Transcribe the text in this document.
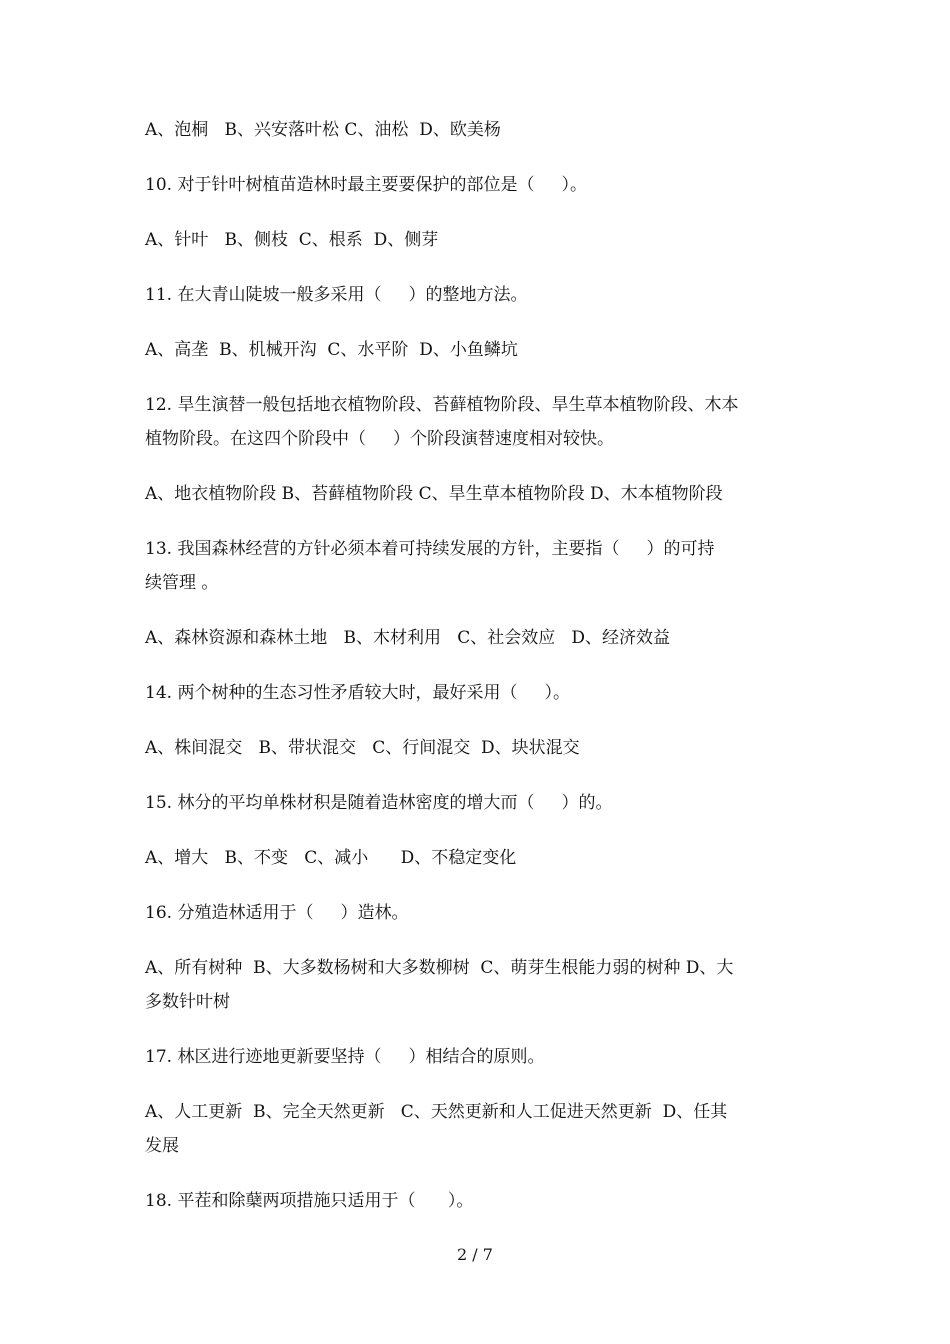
A、泡桐   B、兴安落叶松 C、油松  D、欧美杨
10. 对于针叶树植苗造林时最主要要保护的部位是（     ）。
A、针叶   B、侧枝  C、根系  D、侧芽
11. 在大青山陡坡一般多采用（     ）的整地方法。
A、高垄  B、机械开沟  C、水平阶  D、小鱼鳞坑
12. 旱生演替一般包括地衣植物阶段、苔藓植物阶段、旱生草本植物阶段、木本
植物阶段。在这四个阶段中（     ）个阶段演替速度相对较快。
A、地衣植物阶段 B、苔藓植物阶段 C、旱生草本植物阶段 D、木本植物阶段
13. 我国森林经营的方针必须本着可持续发展的方针，主要指（     ）的可持
续管理 。
A、森林资源和森林土地   B、木材利用   C、社会效应   D、经济效益
14. 两个树种的生态习性矛盾较大时，最好采用（     ）。
A、株间混交   B、带状混交   C、行间混交  D、块状混交
15. 林分的平均单株材积是随着造林密度的增大而（     ）的。
A、增大   B、不变   C、减小      D、不稳定变化
16. 分殖造林适用于（     ）造林。
A、所有树种  B、大多数杨树和大多数柳树  C、萌芽生根能力弱的树种 D、大
多数针叶树
17. 林区进行迹地更新要坚持（     ）相结合的原则。
A、人工更新  B、完全天然更新   C、天然更新和人工促进天然更新  D、任其
发展
18. 平茬和除蘖两项措施只适用于（      ）。
2 / 7
